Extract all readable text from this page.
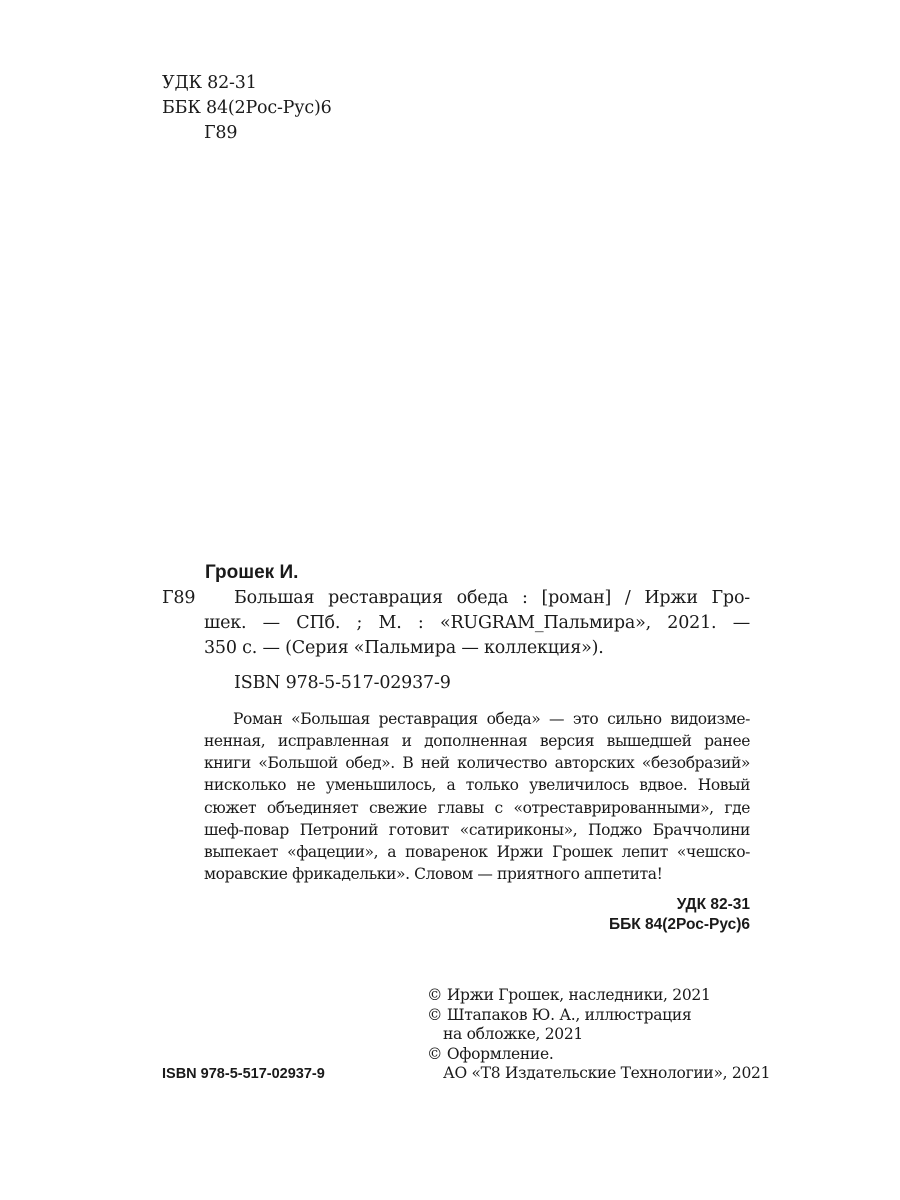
УДК 82-31
ББК 84(2Рос-Рус)6
Г89
Грошек И.
Г89 Большая реставрация обеда : [роман] / Иржи Гро-
шек. — СПб. ; М. : «RUGRAM_Пальмира», 2021. —
350 с. — (Серия «Пальмира — коллекция»).
ISBN 978-5-517-02937-9
Роман «Большая реставрация обеда» — это сильно видоизме-
ненная, исправленная и дополненная версия вышедшей ранее
книги «Большой обед». В ней количество авторских «безобразий»
нисколько не уменьшилось, а только увеличилось вдвое. Новый
сюжет объединяет свежие главы с «отреставрированными», где
шеф-повар Петроний готовит «сатириконы», Поджо Браччолини
выпекает «фацеции», а поваренок Иржи Грошек лепит «чешско-
моравские фрикадельки». Словом — приятного аппетита!
УДК 82-31
ББК 84(2Рос-Рус)6
© Иржи Грошек, наследники, 2021
© Штапаков Ю. А., иллюстрация
на обложке, 2021
© Оформление.
АО «Т8 Издательские Технологии», 2021
ISBN 978-5-517-02937-9
